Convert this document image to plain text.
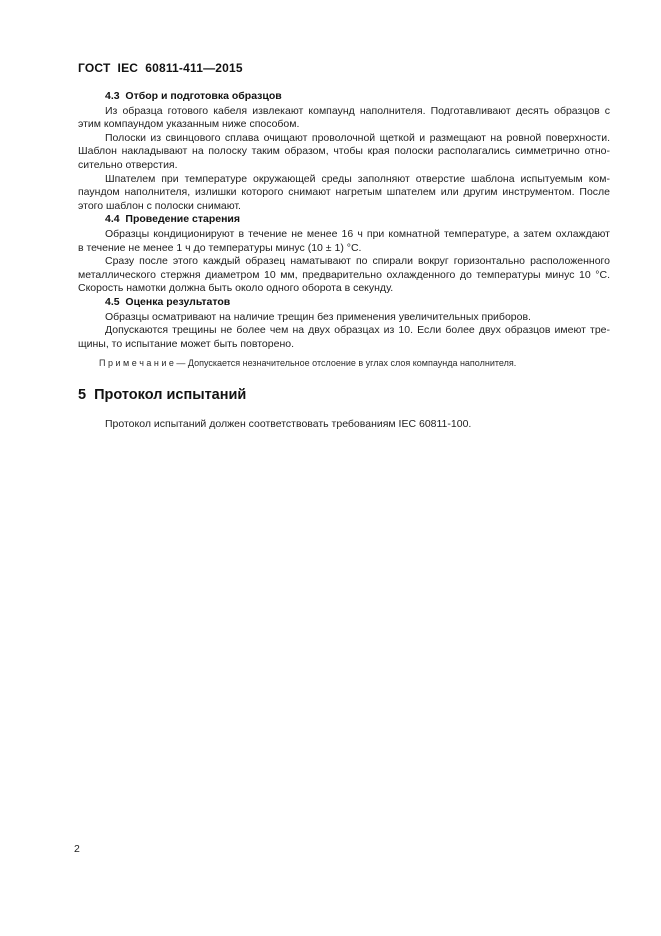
ГОСТ  IEC  60811-411—2015
4.3  Отбор и подготовка образцов
Из образца готового кабеля извлекают компаунд наполнителя. Подготавливают десять образцов с
этим компаундом указанным ниже способом.
Полоски из свинцового сплава очищают проволочной щеткой и размещают на ровной поверхности.
Шаблон накладывают на полоску таким образом, чтобы края полоски располагались симметрично отно-
сительно отверстия.
Шпателем при температуре окружающей среды заполняют отверстие шаблона испытуемым ком-
паундом наполнителя, излишки которого снимают нагретым шпателем или другим инструментом. После
этого шаблон с полоски снимают.
4.4  Проведение старения
Образцы кондиционируют в течение не менее 16 ч при комнатной температуре, а затем охлаждают
в течение не менее 1 ч до температуры минус (10 ± 1) °С.
Сразу после этого каждый образец наматывают по спирали вокруг горизонтально расположенного
металлического стержня диаметром 10 мм, предварительно охлажденного до температуры минус 10 °С.
Скорость намотки должна быть около одного оборота в секунду.
4.5  Оценка результатов
Образцы осматривают на наличие трещин без применения увеличительных приборов.
Допускаются трещины не более чем на двух образцах из 10. Если более двух образцов имеют тре-
щины, то испытание может быть повторено.
П р и м е ч а н и е — Допускается незначительное отслоение в углах слоя компаунда наполнителя.
5  Протокол испытаний
Протокол испытаний должен соответствовать требованиям IEC 60811-100.
2
